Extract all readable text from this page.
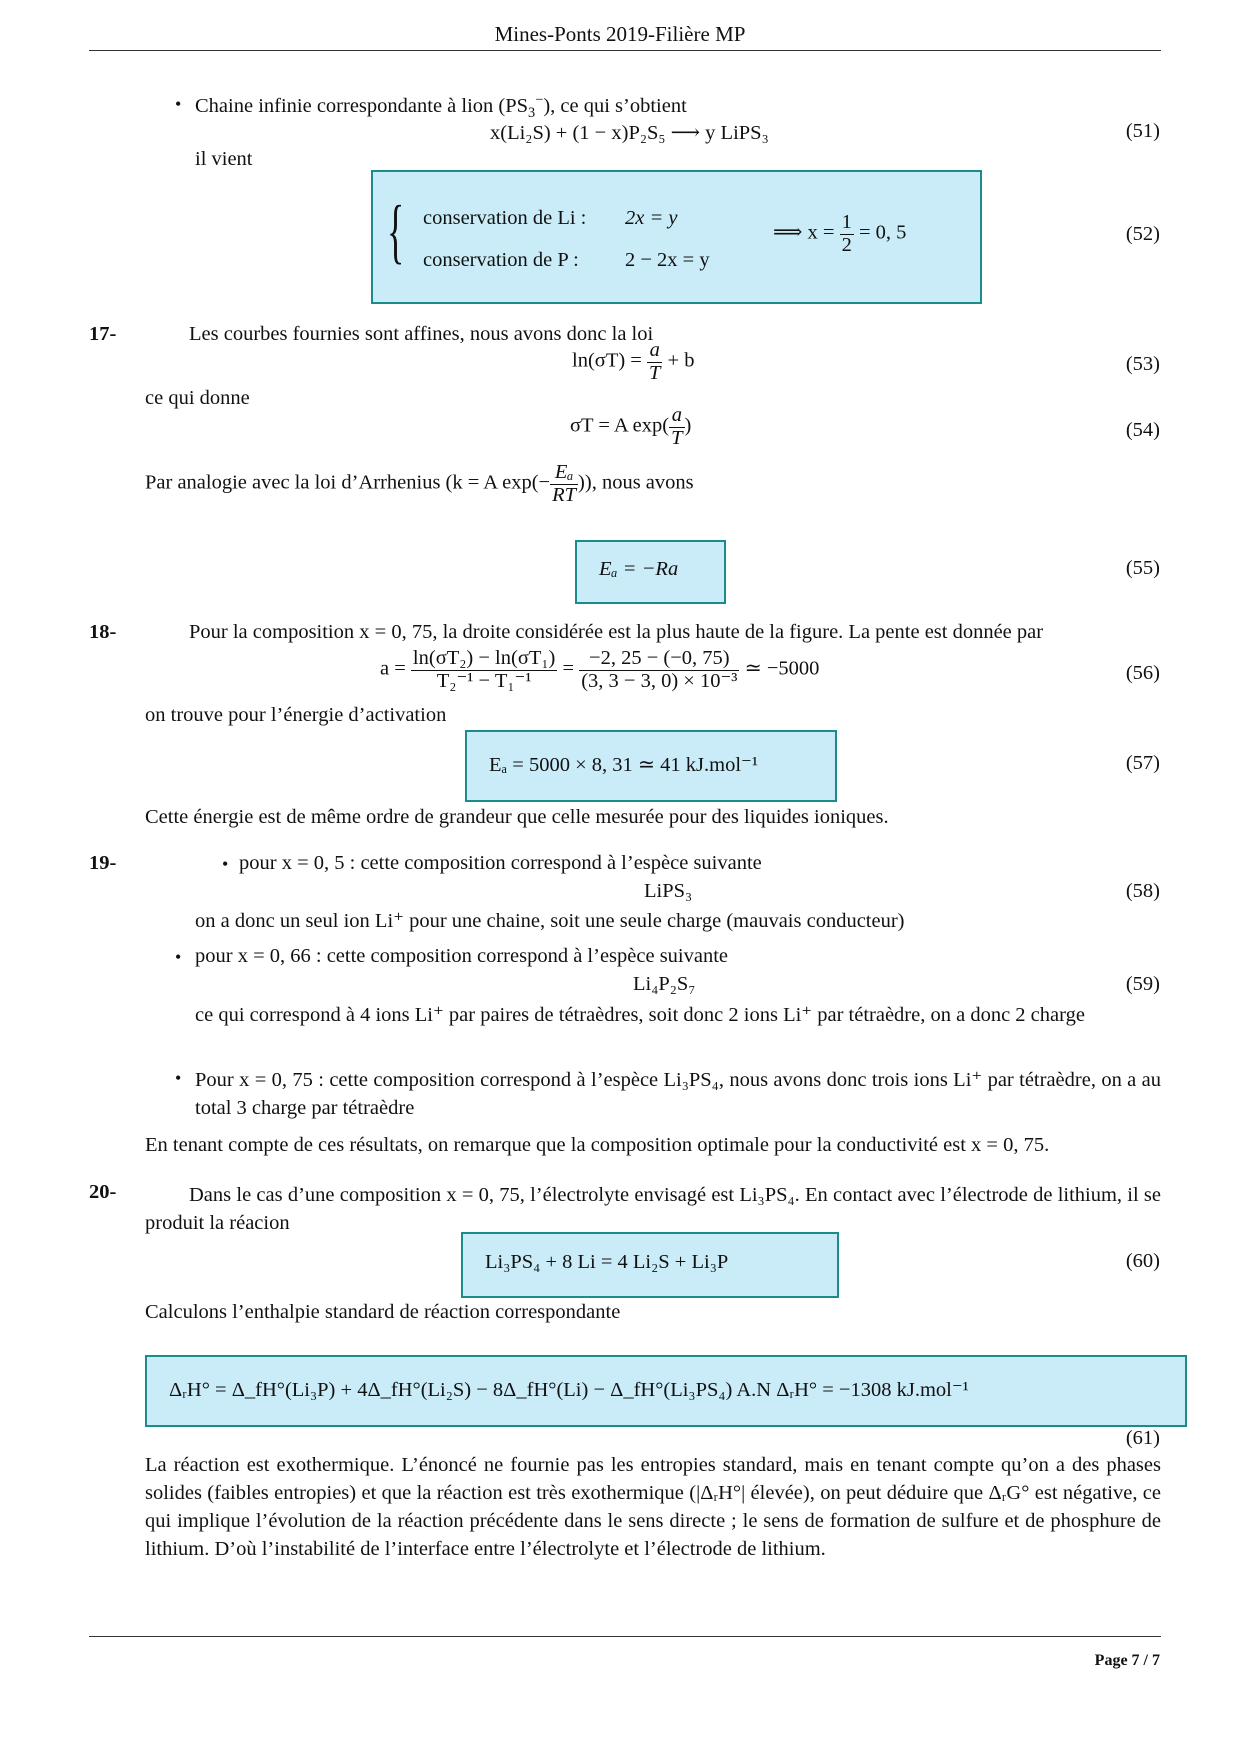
Mines-Ponts 2019-Filière MP
• Chaine infinie correspondante à lion $(PS_3^-)$, ce qui s’obtient
x(Li₂S) + (1 − x)P₂S₅ ⟶ y LiPS₃	(51)
il vient
{ conservation de Li : 2x = y
conservation de P : 2 − 2x = y
⟹ $x = \frac{1}{2} = 0$, 5	(52)
17-	Les courbes fournies sont affines, nous avons donc la loi
$\ln(\sigma T) = \frac{a}{T} + b$	(53)
ce qui donne
σT = A $\exp( \frac{a}{T}$ )	(54)
Par analogie avec la loi d’Arrhenius (k = A $\exp(- \frac{\text{Eₐ}}{RT}$ )), nous avons
Eₐ = −Ra	(55)
18-	Pour la composition x = 0, 75, la droite considérée est la plus haute de la figure. La pente est donnée par
$a = \frac{\text{ln(σT₂) − ln(σT₁)}}{\text{T₂⁻¹ − T₁⁻¹}} = \frac{-2, 25 - (-0, 75)}{\text{(3, 3 − 3, 0) × 10⁻³}}$ ≃ −5000	(56)
on trouve pour l’énergie d’activation
Eₐ = 5000 × 8, 31 ≃ 41 kJ.mol⁻¹	(57)
Cette énergie est de même ordre de grandeur que celle mesurée pour des liquides ioniques.
19-	• pour x = 0, 5 : cette composition correspond à l’espèce suivante
LiPS₃	(58)
on a donc un seul ion Li⁺ pour une chaine, soit une seule charge (mauvais conducteur)
• pour x = 0, 66 : cette composition correspond à l’espèce suivante
Li₄P₂S₇	(59)
ce qui correspond à 4 ions Li⁺ par paires de tétraèdres, soit donc 2 ions Li⁺ par tétraèdre, on a donc 2 charge
• Pour x = 0, 75 : cette composition correspond à l’espèce Li₃PS₄, nous avons donc trois ions Li⁺ par tétraèdre, on a au total 3 charge par tétraèdre
En tenant compte de ces résultats, on remarque que la composition optimale pour la conductivité est x = 0, 75.
20-	Dans le cas d’une composition x = 0, 75, l’électrolyte envisagé est Li₃PS₄. En contact avec l’électrode de lithium, il se produit la réacion
Li₃PS₄ + 8 Li = 4 Li₂S + Li₃P	(60)
Calculons l’enthalpie standard de réaction correspondante
ΔᵣH° = Δ_fH°(Li₃P) + 4Δ_fH°(Li₂S) − 8Δ_fH°(Li) − Δ_fH°(Li₃PS₄) A.N ΔᵣH° = −1308 kJ.mol⁻¹
(61)
La réaction est exothermique. L’énoncé ne fournie pas les entropies standard, mais en tenant compte qu’on a des phases solides (faibles entropies) et que la réaction est très exothermique (|ΔᵣH°| élevée), on peut déduire que ΔᵣG° est négative, ce qui implique l’évolution de la réaction précédente dans le sens directe ; le sens de formation de sulfure et de phosphure de lithium. D’où l’instabilité de l’interface entre l’électrolyte et l’électrode de lithium.
Page 7 / 7
